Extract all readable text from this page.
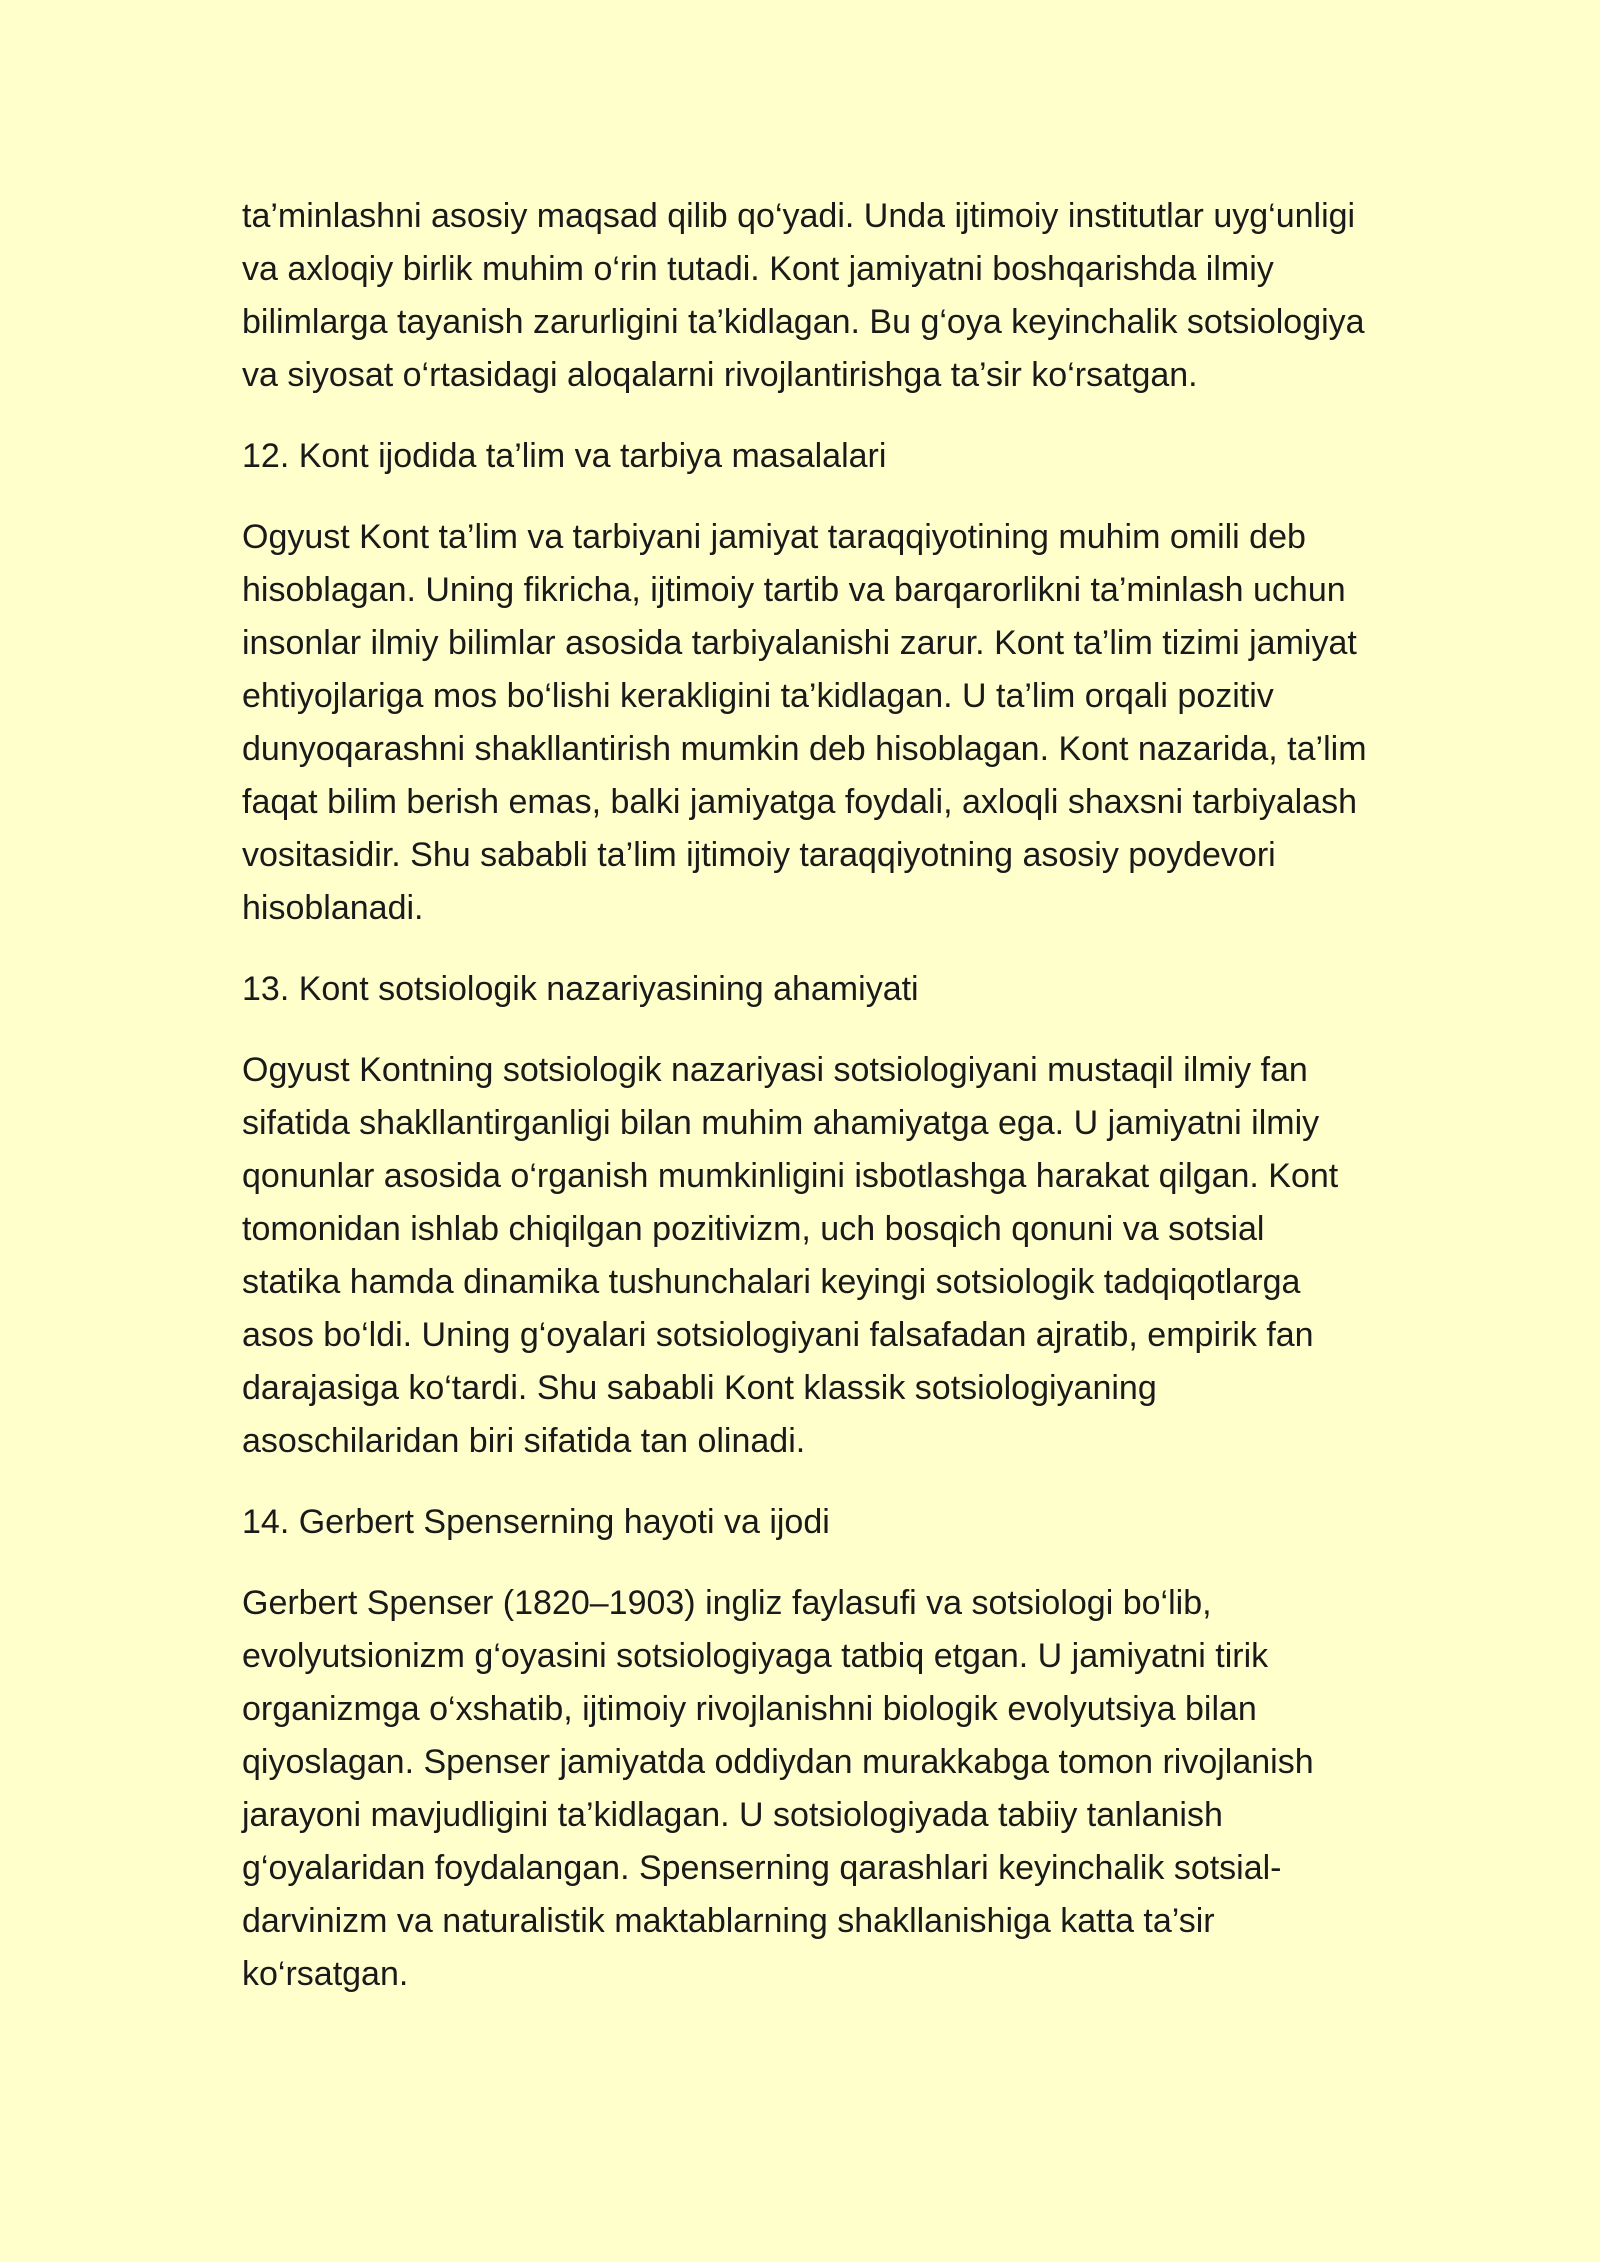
ta’minlashni asosiy maqsad qilib qo‘yadi. Unda ijtimoiy institutlar uyg‘unligi va axloqiy birlik muhim o‘rin tutadi. Kont jamiyatni boshqarishda ilmiy bilimlarga tayanish zarurligini ta’kidlagan. Bu g‘oya keyinchalik sotsiologiya va siyosat o‘rtasidagi aloqalarni rivojlantirishga ta’sir ko‘rsatgan.

12. Kont ijodida ta’lim va tarbiya masalalari

Ogyust Kont ta’lim va tarbiyani jamiyat taraqqiyotining muhim omili deb hisoblagan. Uning fikricha, ijtimoiy tartib va barqarorlikni ta’minlash uchun insonlar ilmiy bilimlar asosida tarbiyalanishi zarur. Kont ta’lim tizimi jamiyat ehtiyojlariga mos bo‘lishi kerakligini ta’kidlagan. U ta’lim orqali pozitiv dunyoqarashni shakllantirish mumkin deb hisoblagan. Kont nazarida, ta’lim faqat bilim berish emas, balki jamiyatga foydali, axloqli shaxsni tarbiyalash vositasidir. Shu sababli ta’lim ijtimoiy taraqqiyotning asosiy poydevori hisoblanadi.

13. Kont sotsiologik nazariyasining ahamiyati

Ogyust Kontning sotsiologik nazariyasi sotsiologiyani mustaqil ilmiy fan sifatida shakllantirganligi bilan muhim ahamiyatga ega. U jamiyatni ilmiy qonunlar asosida o‘rganish mumkinligini isbotlashga harakat qilgan. Kont tomonidan ishlab chiqilgan pozitivizm, uch bosqich qonuni va sotsial statika hamda dinamika tushunchalari keyingi sotsiologik tadqiqotlarga asos bo‘ldi. Uning g‘oyalari sotsiologiyani falsafadan ajratib, empirik fan darajasiga ko‘tardi. Shu sababli Kont klassik sotsiologiyaning asoschilaridan biri sifatida tan olinadi.

14. Gerbert Spenserning hayoti va ijodi

Gerbert Spenser (1820–1903) ingliz faylasufi va sotsiologi bo‘lib, evolyutsionizm g‘oyasini sotsiologiyaga tatbiq etgan. U jamiyatni tirik organizmga o‘xshatib, ijtimoiy rivojlanishni biologik evolyutsiya bilan qiyoslagan. Spenser jamiyatda oddiydan murakkabga tomon rivojlanish jarayoni mavjudligini ta’kidlagan. U sotsiologiyada tabiiy tanlanish g‘oyalaridan foydalangan. Spenserning qarashlari keyinchalik sotsial-darvinizm va naturalistik maktablarning shakllanishiga katta ta’sir ko‘rsatgan.
